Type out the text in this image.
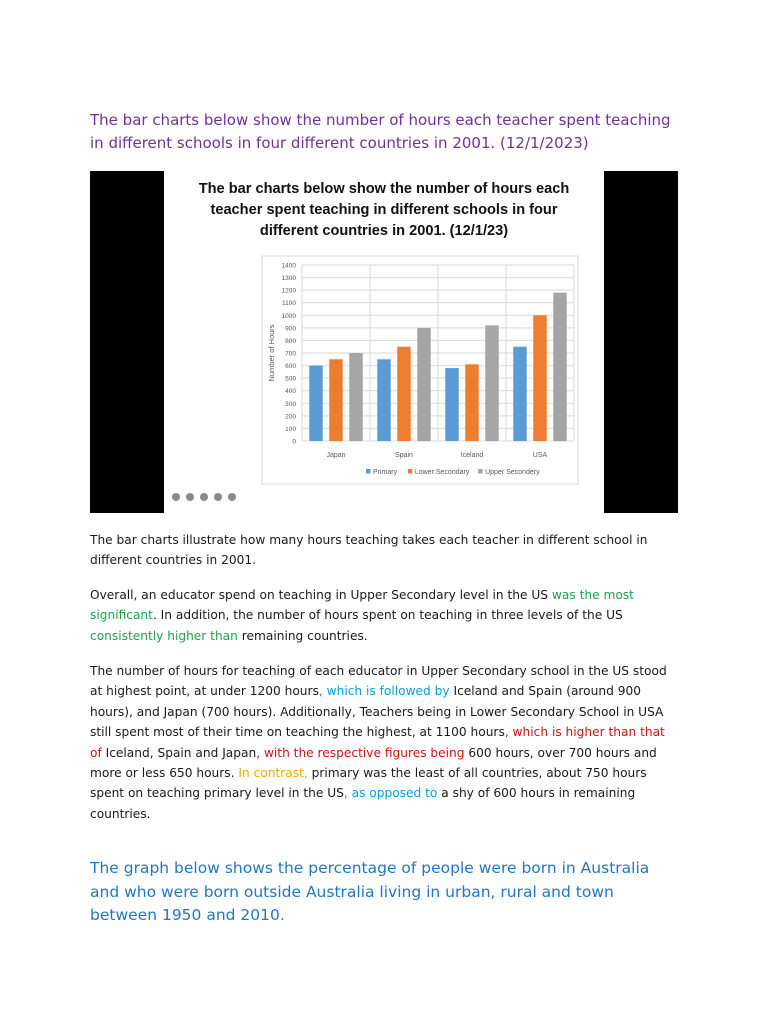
The bar charts below show the number of hours each teacher spent teaching in different schools in four different countries in 2001. (12/1/2023)
The bar charts below show the number of hours each
teacher spent teaching in different schools in four
different countries in 2001. (12/1/23)
0
100
200
300
400
500
600
700
800
900
1000
1100
1200
1300
1400
Number of Hours
Japan	Spain	Iceland	USA
Primary	Lower Secondary Upper Secondery

The bar charts illustrate how many hours teaching takes each teacher in different school in different countries in 2001.

Overall, an educator spend on teaching in Upper Secondary level in the US was the most significant. In addition, the number of hours spent on teaching in three levels of the US consistently higher than remaining countries.

The number of hours for teaching of each educator in Upper Secondary school in the US stood at highest point, at under 1200 hours, which is followed by Iceland and Spain (around 900 hours), and Japan (700 hours). Additionally, Teachers being in Lower Secondary School in USA still spent most of their time on teaching the highest, at 1100 hours, which is higher than that of Iceland, Spain and Japan, with the respective figures being 600 hours, over 700 hours and more or less 650 hours. In contrast, primary was the least of all countries, about 750 hours spent on teaching primary level in the US, as opposed to a shy of 600 hours in remaining countries.

The graph below shows the percentage of people were born in Australia and who were born outside Australia living in urban, rural and town between 1950 and 2010.
